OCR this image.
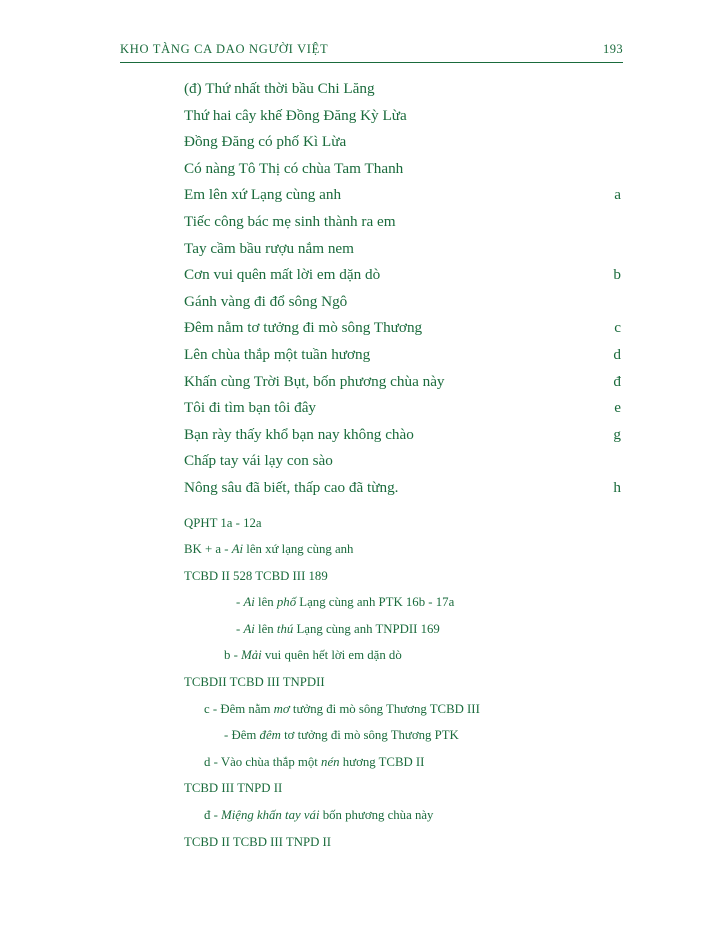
KHO TÀNG CA DAO NGƯỜI VIỆT	193
(đ) Thứ nhất thời bầu Chi Lăng
Thứ hai cây khế Đồng Đăng Kỳ Lừa
Đồng Đăng có phố Kì Lừa
Có nàng Tô Thị có chùa Tam Thanh
Em lên xứ Lạng cùng anh	a
Tiếc công bác mẹ sinh thành ra em
Tay cầm bầu rượu nắm nem
Cơn vui quên mất lời em dặn dò	b
Gánh vàng đi đổ sông Ngô
Đêm nằm tơ tưởng đi mò sông Thương	c
Lên chùa thắp một tuần hương	d
Khấn cùng Trời Bụt, bốn phương chùa này	đ
Tôi đi tìm bạn tôi đây	e
Bạn rày thấy khổ bạn nay không chào	g
Chấp tay vái lạy con sào
Nông sâu đã biết, thấp cao đã từng.	h
QPHT 1a - 12a
BK + a - Ai lên xứ lạng cùng anh
TCBD II 528 TCBD III 189
- Ai lên phố Lạng cùng anh PTK 16b - 17a
- Ai lên thú Lạng cùng anh TNPDII 169
b - Mải vui quên hết lời em dặn dò
TCBDII TCBD III TNPDII
c - Đêm nằm mơ tưởng đi mò sông Thương TCBD III
- Đêm đêm tơ tưởng đi mò sông Thương PTK
d - Vào chùa thắp một nén hương TCBD II
TCBD III TNPD II
đ - Miệng khấn tay vái bốn phương chùa này
TCBD II TCBD III TNPD II
